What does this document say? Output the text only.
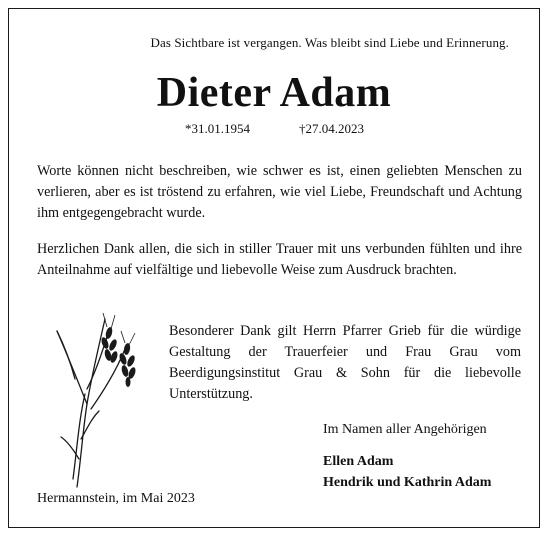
Das Sichtbare ist vergangen. Was bleibt sind Liebe und Erinnerung.
Dieter Adam
*31.01.1954	†27.04.2023
Worte können nicht beschreiben, wie schwer es ist, einen geliebten Menschen zu verlieren, aber es ist tröstend zu erfahren, wie viel Liebe, Freundschaft und Achtung ihm entgegengebracht wurde.
Herzlichen Dank allen, die sich in stiller Trauer mit uns verbunden fühlten und ihre Anteilnahme auf vielfältige und liebevolle Weise zum Ausdruck brachten.
Besonderer Dank gilt Herrn Pfarrer Grieb für die würdige Gestaltung der Trauerfeier und Frau Grau vom Beerdigungsinstitut Grau & Sohn für die liebevolle Unterstützung.
Im Namen aller Angehörigen
Ellen Adam
Hendrik und Kathrin Adam
Hermannstein, im Mai 2023
